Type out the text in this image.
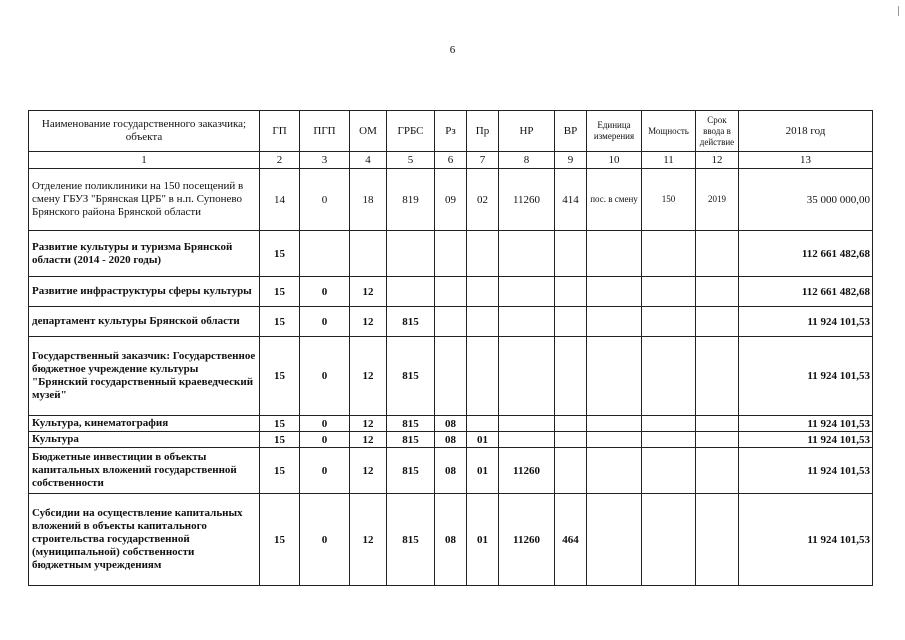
6
Наименование государственного заказчика; объекта	ГП	ПГП	ОМ	ГРБС	Рз	Пр	НР	ВР	Единица измерения	Мощность	Срок ввода в действие	2018 год
1	2	3	4	5	6	7	8	9	10	11	12	13
Отделение поликлиники на 150 посещений в смену ГБУЗ "Брянская ЦРБ" в н.п. Супонево Брянского района Брянской области	14	0	18	819	09	02	11260	414	пос. в смену	150	2019	35 000 000,00
Развитие культуры и туризма Брянской области (2014 - 2020 годы)	15											112 661 482,68
Развитие инфраструктуры сферы культуры	15	0	12									112 661 482,68
департамент культуры Брянской области	15	0	12	815								11 924 101,53
Государственный заказчик: Государственное бюджетное учреждение культуры "Брянский государственный краеведческий музей"	15	0	12	815								11 924 101,53
Культура, кинематография	15	0	12	815	08							11 924 101,53
Культура	15	0	12	815	08	01						11 924 101,53
Бюджетные инвестиции в объекты капитальных вложений государственной собственности	15	0	12	815	08	01	11260					11 924 101,53
Субсидии на осуществление капитальных вложений в объекты капитального строительства государственной (муниципальной) собственности бюджетным учреждениям	15	0	12	815	08	01	11260	464				11 924 101,53
